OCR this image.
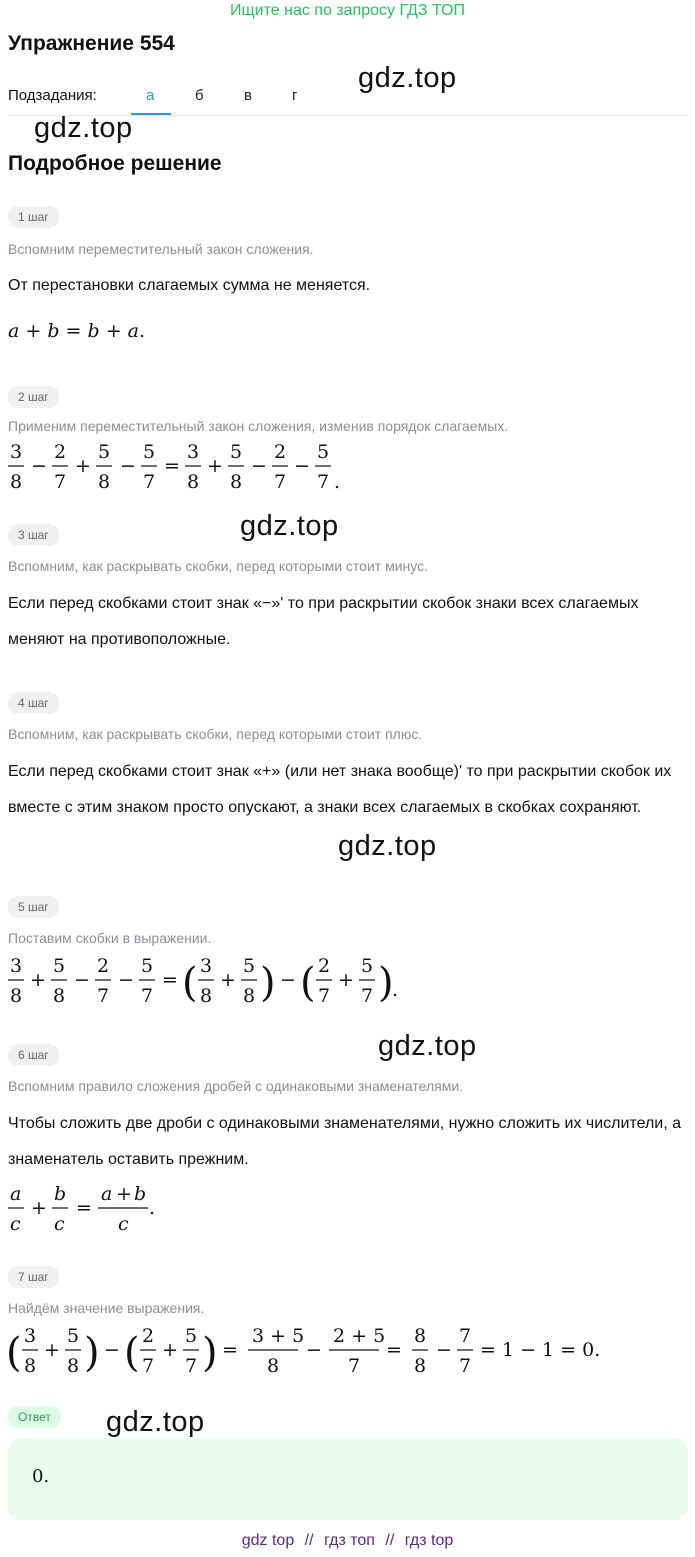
Ищите нас по запросу ГДЗ ТОП
Упражнение 554
Подзадания:	а	б	в	г
gdz.top
gdz.top
Подробное решение
1 шаг
Вспомним переместительный закон сложения.
От перестановки слагаемых сумма не меняется.
a + b = b + a.
2 шаг
Применим переместительный закон сложения, изменив порядок слагаемых.
3
8
−
2
7
+
5
8
−
5
7
=
3
8
+
5
8
−
2
7
−
5
7 .
gdz.top
3 шаг
Вспомним, как раскрывать скобки, перед которыми стоит минус.
Если перед скобками стоит знак «−»' то при раскрытии скобок знаки всех слагаемых меняют на противоположные.
4 шаг
Вспомним, как раскрывать скобки, перед которыми стоит плюс.
Если перед скобками стоит знак «+» (или нет знака вообще)' то при раскрытии скобок их вместе с этим знаком просто опускают, а знаки всех слагаемых в скобках сохраняют.
gdz.top
5 шаг
Поставим скобки в выражении.
3
8
+
5
8
−
2
7
−
5
7
= ( 3
8
+
5
8 ) − ( 2
7
+
5
7 )
.
gdz.top
6 шаг
Вспомним правило сложения дробей с одинаковыми знаменателями.
Чтобы сложить две дроби с одинаковыми знаменателями, нужно сложить их числители, а знаменатель оставить прежним.
a
c
+
b
c
=
a + b
c
.
7 шаг
Найдём значение выражения.
( 3
8
+
5
8 ) − ( 2
7
+
5
7 ) =
3 + 5
8
−
2 + 5
7
=
8
8
−
7
7
= 1 − 1 = 0.
Ответ	gdz.top
0.
gdz top // гдз топ // гдз top
